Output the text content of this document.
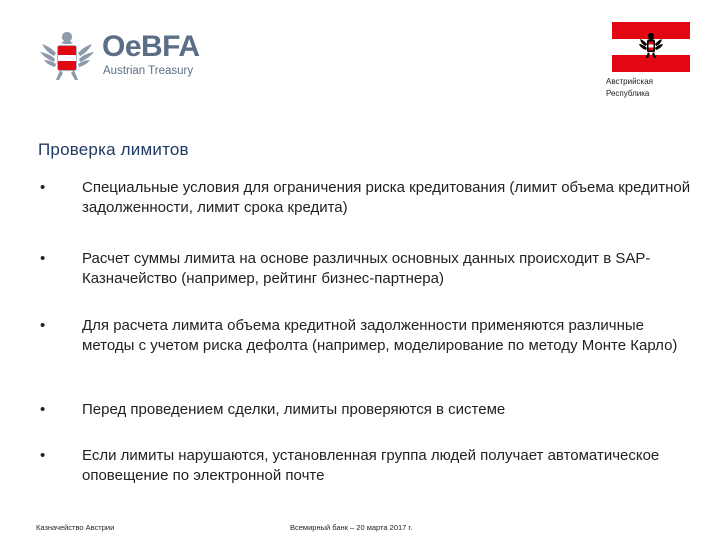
OeBFA
Austrian Treasury
Австрийская
Республика
Проверка лимитов
• Специальные условия для ограничения риска кредитования (лимит объема кредитной задолженности, лимит срока кредита)
• Расчет суммы лимита на основе различных основных данных происходит в SAP-Казначейство (например, рейтинг бизнес-партнера)
• Для расчета лимита объема кредитной задолженности применяются различные методы с учетом риска дефолта (например, моделирование по методу Монте Карло)
• Перед проведением сделки, лимиты проверяются в системе
• Если лимиты нарушаются, установленная группа людей получает автоматическое оповещение по электронной почте
Казначейство Австрии	Всемирный банк – 20 марта 2017 г.
